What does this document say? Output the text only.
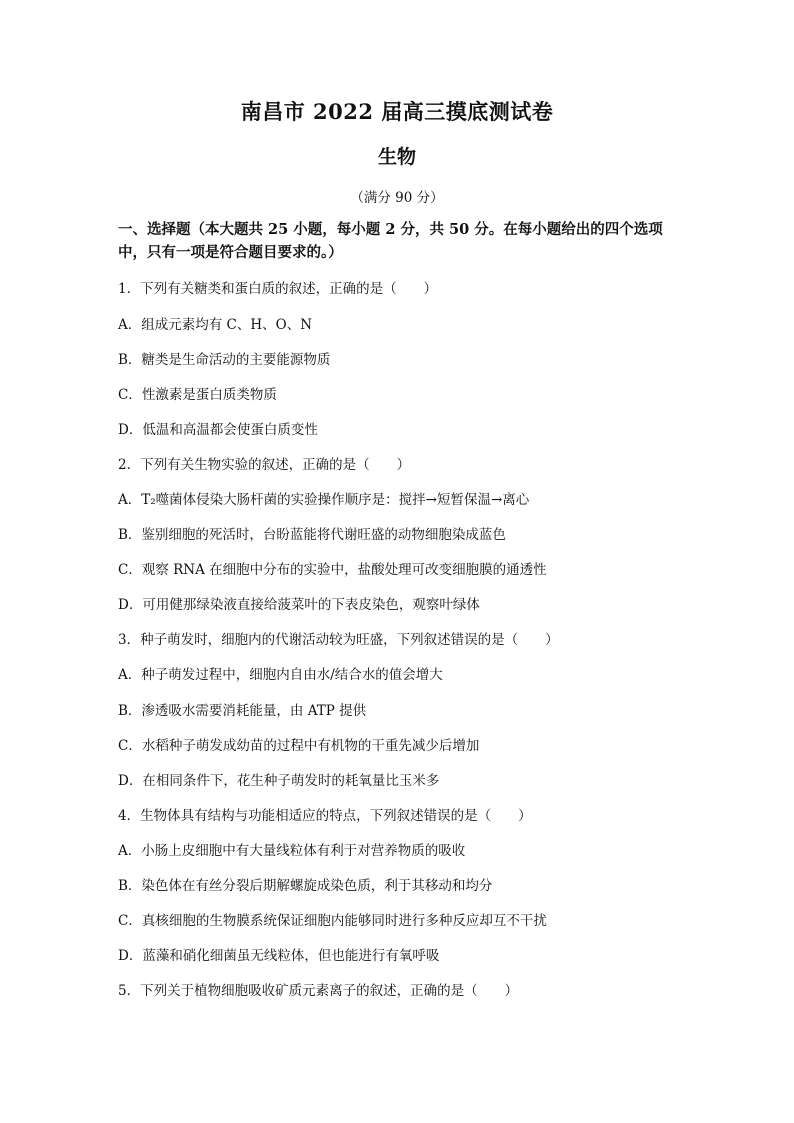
南昌市 2022 届高三摸底测试卷
生物
（满分 90 分）
一、选择题（本大题共 25 小题，每小题 2 分，共 50 分。在每小题给出的四个选项中，只有一项是符合题目要求的。）
1．下列有关糖类和蛋白质的叙述，正确的是（　　）
A．组成元素均有 C、H、O、N
B．糖类是生命活动的主要能源物质
C．性激素是蛋白质类物质
D．低温和高温都会使蛋白质变性
2．下列有关生物实验的叙述，正确的是（　　）
A．T₂噬菌体侵染大肠杆菌的实验操作顺序是：搅拌→短暂保温→离心
B．鉴别细胞的死活时，台盼蓝能将代谢旺盛的动物细胞染成蓝色
C．观察 RNA 在细胞中分布的实验中，盐酸处理可改变细胞膜的通透性
D．可用健那绿染液直接给菠菜叶的下表皮染色，观察叶绿体
3．种子萌发时，细胞内的代谢活动较为旺盛，下列叙述错误的是（　　）
A．种子萌发过程中，细胞内自由水/结合水的值会增大
B．渗透吸水需要消耗能量，由 ATP 提供
C．水稻种子萌发成幼苗的过程中有机物的干重先减少后增加
D．在相同条件下，花生种子萌发时的耗氧量比玉米多
4．生物体具有结构与功能相适应的特点，下列叙述错误的是（　　）
A．小肠上皮细胞中有大量线粒体有利于对营养物质的吸收
B．染色体在有丝分裂后期解螺旋成染色质，利于其移动和均分
C．真核细胞的生物膜系统保证细胞内能够同时进行多种反应却互不干扰
D．蓝藻和硝化细菌虽无线粒体，但也能进行有氧呼吸
5．下列关于植物细胞吸收矿质元素离子的叙述，正确的是（　　）
